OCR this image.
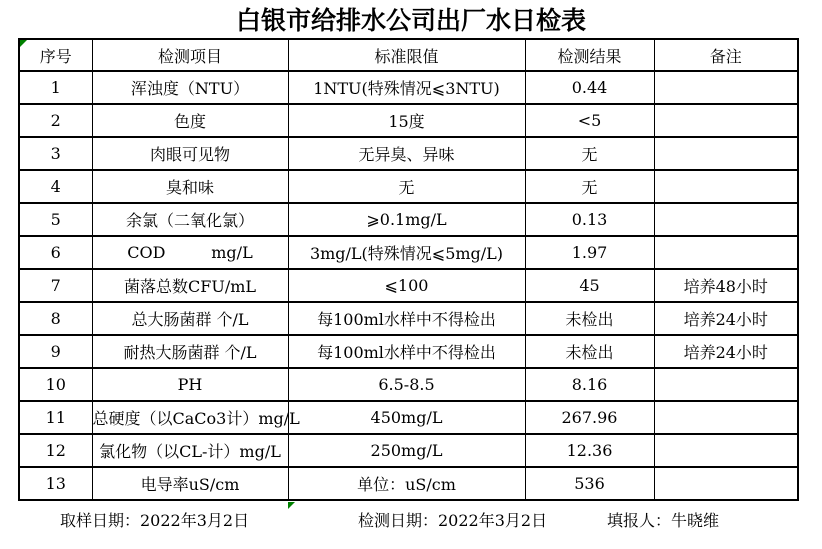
白银市给排水公司出厂水日检表
序号	检测项目	标准限值	检测结果	备注
1	浑浊度（NTU）	1NTU(特殊情况⩽3NTU)	0.44	
2	色度	15度	<5	
3	肉眼可见物	无异臭、异味	无	
4	臭和味	无	无	
5	余氯（二氧化氯）	⩾0.1mg/L	0.13	
6	COD         mg/L	3mg/L(特殊情况⩽5mg/L)	1.97	
7	菌落总数CFU/mL	⩽100	45	培养48小时
8	总大肠菌群 个/L	每100ml水样中不得检出	未检出	培养24小时
9	耐热大肠菌群 个/L	每100ml水样中不得检出	未检出	培养24小时
10	PH	6.5-8.5	8.16	
11	总硬度（以CaCo3计）mg/L	450mg/L	267.96	
12	氯化物（以CL-计）mg/L	250mg/L	12.36	
13	电导率uS/cm	单位：uS/cm	536	
取样日期：2022年3月2日	检测日期：2022年3月2日	填报人：牛晓维
